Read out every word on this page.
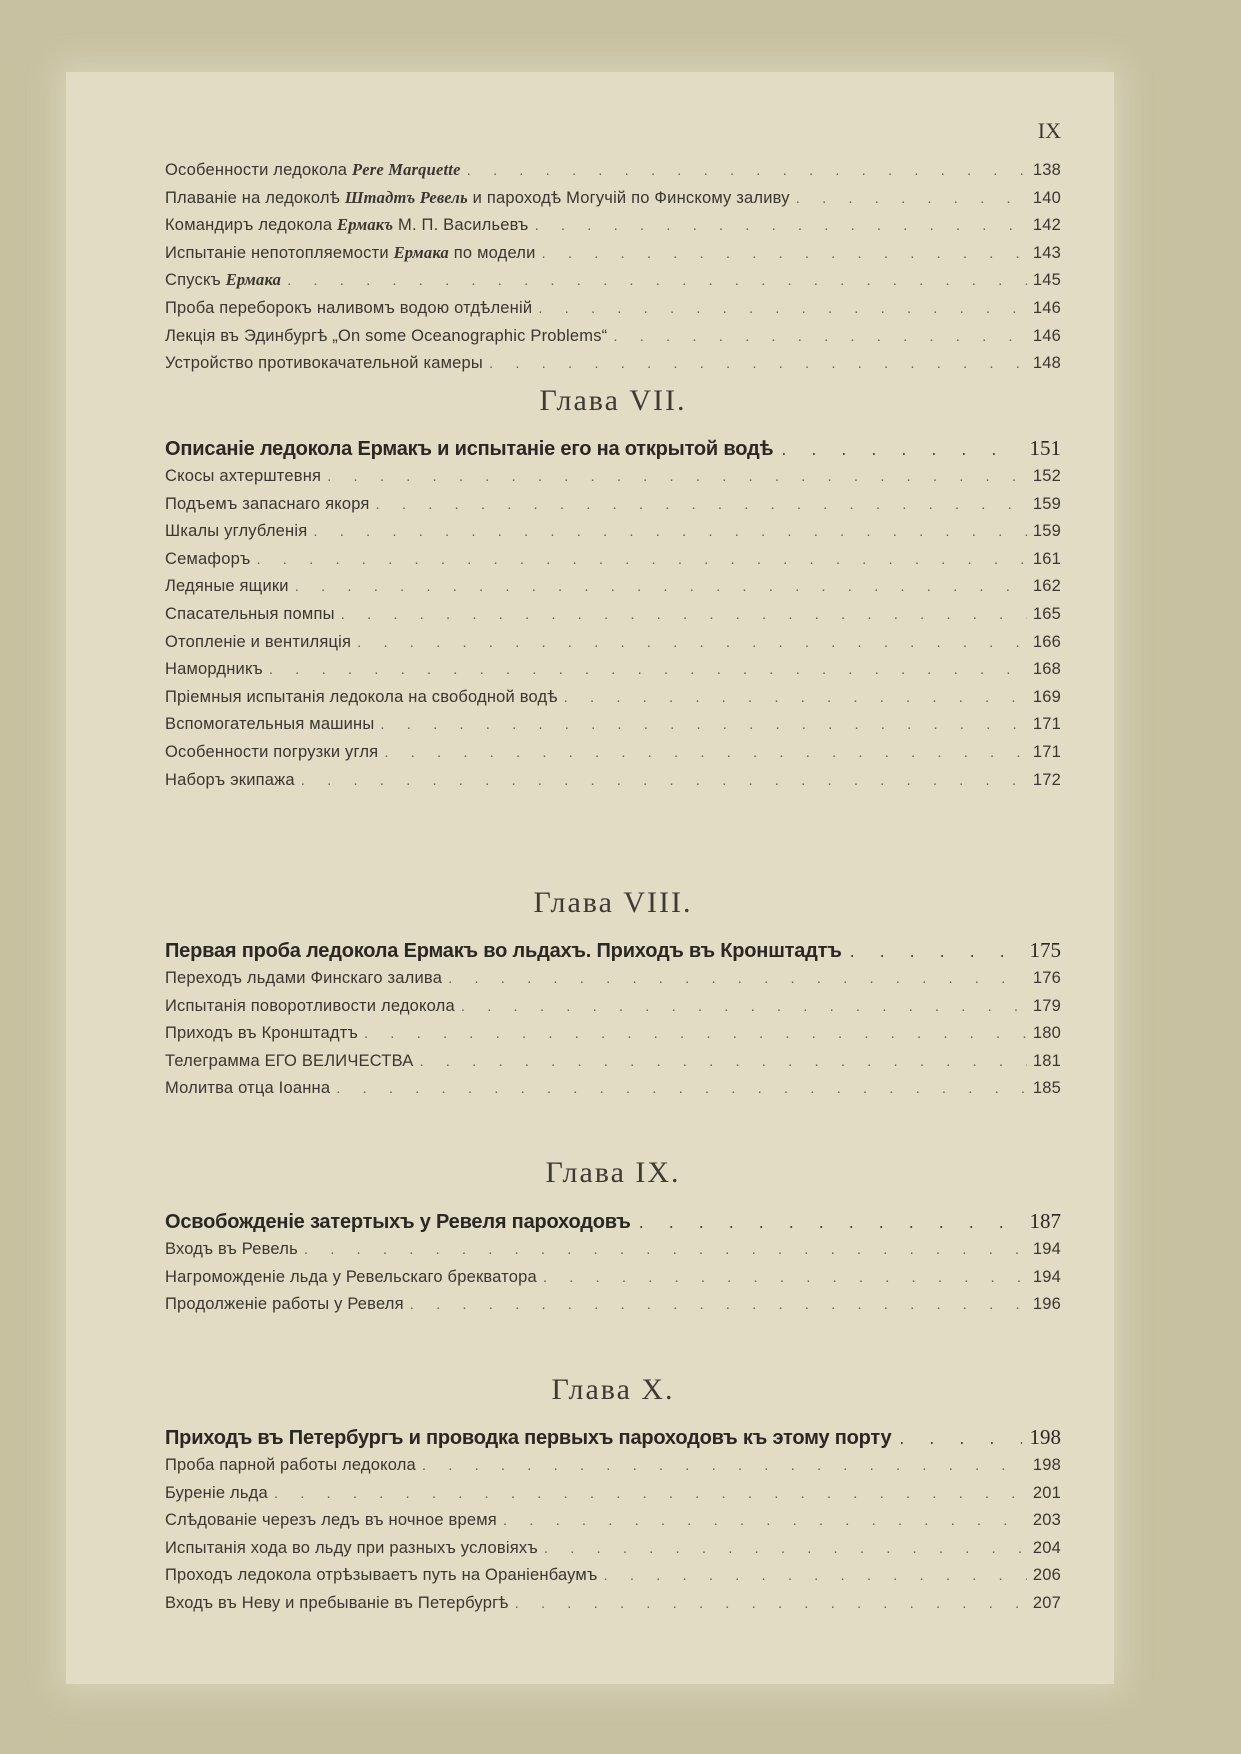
IX
Особенности ледокола Pere Marquette . . .	138
Плаванiе на ледоколѣ Штадтъ Ревель и пароходѣ Могучiй по Финскому заливу . . .	140
Командиръ ледокола Ермакъ М. П. Васильевъ . . .	142
Испытанiе непотопляемости Ермака по модели . . .	143
Спускъ Ермака . . .	145
Проба переборокъ наливомъ водою отдѣленiй . . .	146
Лекцiя въ Эдинбургѣ „On some Oceanographic Problems“ . . .	146
Устройство противокачательной камеры . . .	148
Глава VII.
Описанiе ледокола Ермакъ и испытанiе его на открытой водѣ . . .	151
Скосы ахтерштевня . . .	152
Подъемъ запаснаго якоря . . .	159
Шкалы углубленiя . . .	159
Семафоръ . . .	161
Ледяные ящики . . .	162
Спасательныя помпы . . .	165
Отопленiе и вентиляцiя . . .	166
Намордникъ . . .	168
Прiемныя испытанiя ледокола на свободной водѣ . . .	169
Вспомогательныя машины . . .	171
Особенности погрузки угля . . .	171
Наборъ экипажа . . .	172
Глава VIII.
Первая проба ледокола Ермакъ во льдахъ. Приходъ въ Кронштадтъ . . .	175
Переходъ льдами Финскаго залива . . .	176
Испытанiя поворотливости ледокола . . .	179
Приходъ въ Кронштадтъ . . .	180
Телеграмма ЕГО ВЕЛИЧЕСТВА . . .	181
Молитва отца Iоанна . . .	185
Глава IX.
Освобожденiе затертыхъ у Ревеля пароходовъ . . .	187
Входъ въ Ревель . . .	194
Нагроможденiе льда у Ревельскаго брекватора . . .	194
Продолженiе работы у Ревеля . . .	196
Глава X.
Приходъ въ Петербургъ и проводка первыхъ пароходовъ къ этому порту . . .	198
Проба парной работы ледокола . . .	198
Буренiе льда . . .	201
Слѣдованiе черезъ ледъ въ ночное время . . .	203
Испытанiя хода во льду при разныхъ условiяхъ . . .	204
Проходъ ледокола отрѣзываетъ путь на Ораніенбаумъ . . .	206
Входъ въ Неву и пребыванiе въ Петербургѣ . . .	207
